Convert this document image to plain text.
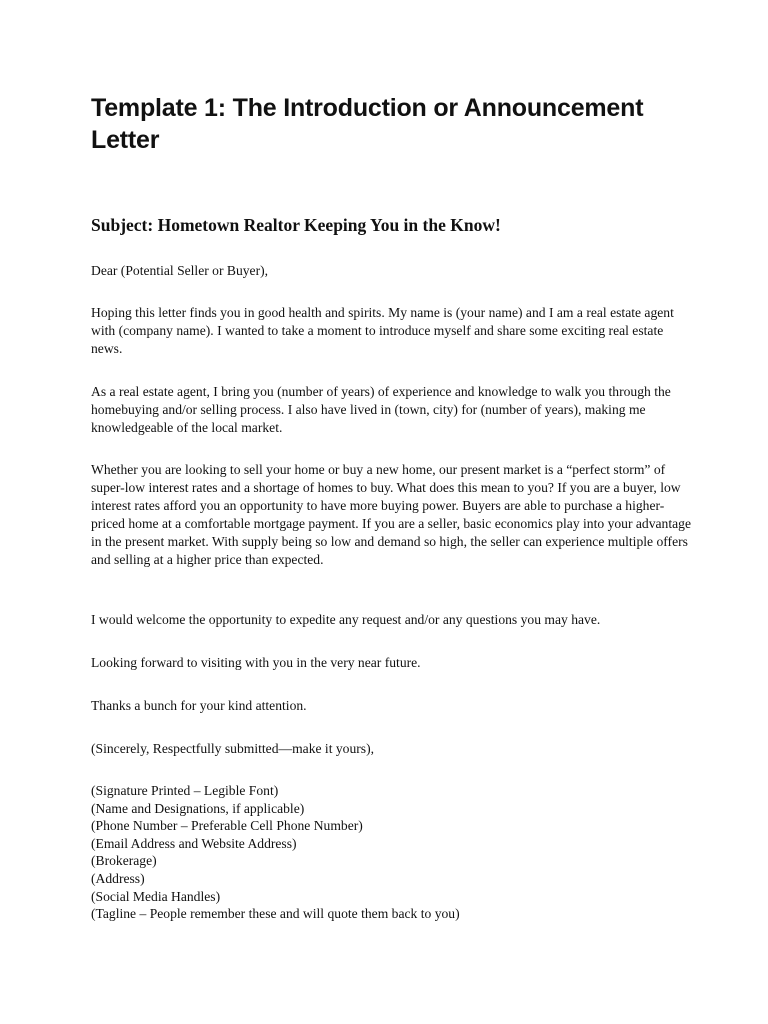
Template 1: The Introduction or Announcement Letter
Subject: Hometown Realtor Keeping You in the Know!

Dear (Potential Seller or Buyer),

Hoping this letter finds you in good health and spirits. My name is (your name) and I am a real estate agent with (company name). I wanted to take a moment to introduce myself and share some exciting real estate news.

As a real estate agent, I bring you (number of years) of experience and knowledge to walk you through the homebuying and/or selling process. I also have lived in (town, city) for (number of years), making me knowledgeable of the local market.

Whether you are looking to sell your home or buy a new home, our present market is a “perfect storm” of super-low interest rates and a shortage of homes to buy. What does this mean to you? If you are a buyer, low interest rates afford you an opportunity to have more buying power. Buyers are able to purchase a higher-priced home at a comfortable mortgage payment. If you are a seller, basic economics play into your advantage in the present market. With supply being so low and demand so high, the seller can experience multiple offers and selling at a higher price than expected.

I would welcome the opportunity to expedite any request and/or any questions you may have.

Looking forward to visiting with you in the very near future.

Thanks a bunch for your kind attention.

(Sincerely, Respectfully submitted—make it yours),

(Signature Printed – Legible Font)
(Name and Designations, if applicable)
(Phone Number – Preferable Cell Phone Number)
(Email Address and Website Address)
(Brokerage)
(Address)
(Social Media Handles)
(Tagline – People remember these and will quote them back to you)
